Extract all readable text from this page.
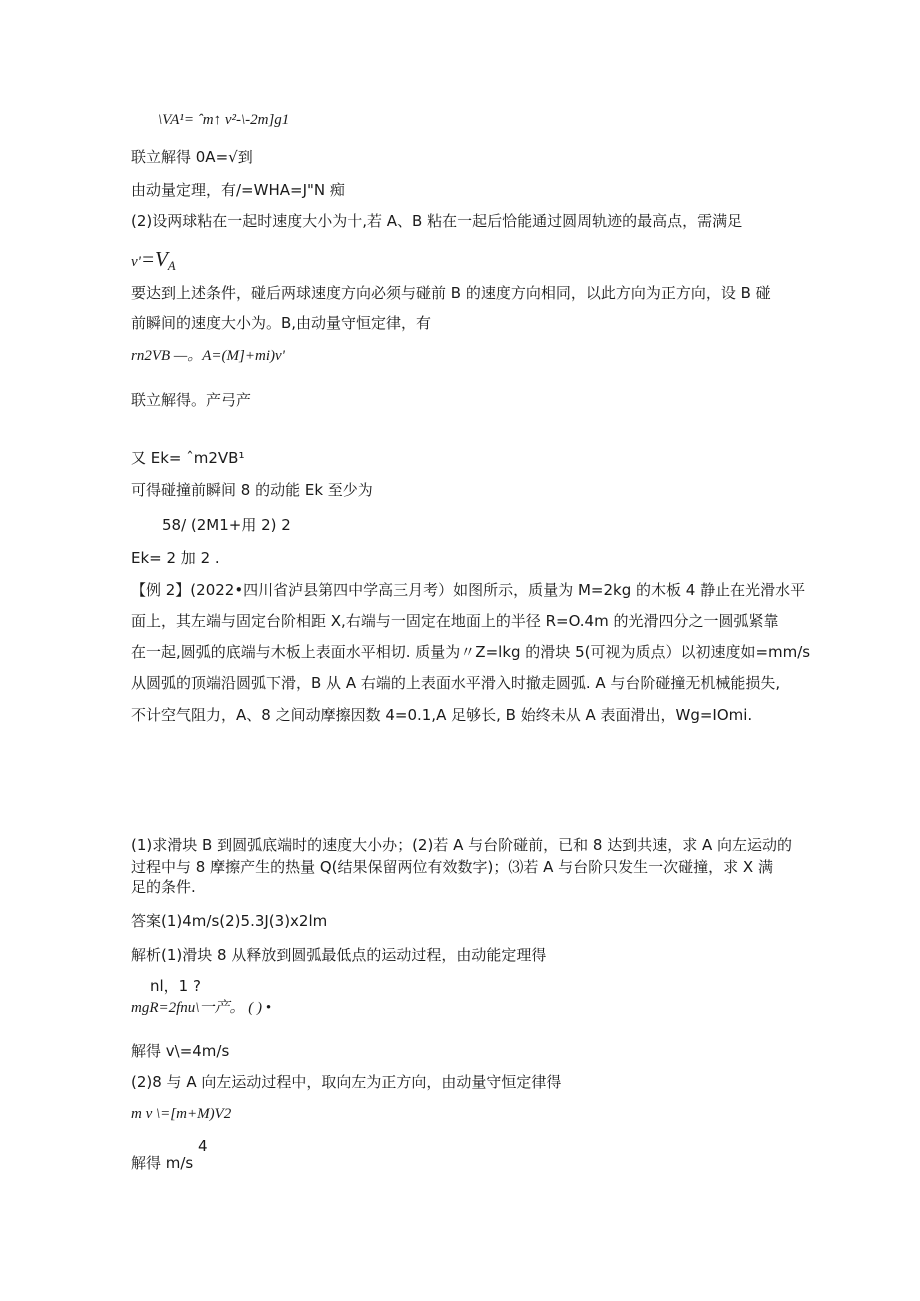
\VA¹= ˆm↑ v²-\-2m]g1
联立解得 0A=√到
由动量定理，有/=WHA=J"N 痴
(2)设两球粘在一起时速度大小为十,若 A、B 粘在一起后恰能通过圆周轨迹的最高点，需满足
$v'=V_A$
要达到上述条件，碰后两球速度方向必须与碰前 B 的速度方向相同，以此方向为正方向，设 B 碰
前瞬间的速度大小为。B,由动量守恒定律，有
rn2VB —。A=(M]+mi)v'
联立解得。产弓产
又 Ek= ˆm2VB¹
可得碰撞前瞬间 8 的动能 Ek 至少为
58/ (2M1+用 2) 2
Ek= 2 加 2 .
【例 2】(2022•四川省泸县第四中学高三月考）如图所示，质量为 M=2kg 的木板 4 静止在光滑水平
面上，其左端与固定台阶相距 X,右端与一固定在地面上的半径 R=O.4m 的光滑四分之一圆弧紧靠
在一起,圆弧的底端与木板上表面水平相切. 质量为〃Z=lkg 的滑块 5(可视为质点）以初速度如=mm/s
从圆弧的顶端沿圆弧下滑，B 从 A 右端的上表面水平滑入时撤走圆弧. A 与台阶碰撞无机械能损失,
不计空气阻力，A、8 之间动摩擦因数 4=0.1,A 足够长, B 始终未从 A 表面滑出，Wg=IOmi.
(1)求滑块 B 到圆弧底端时的速度大小办；(2)若 A 与台阶碰前，已和 8 达到共速，求 A 向左运动的
过程中与 8 摩擦产生的热量 Q(结果保留两位有效数字)；⑶若 A 与台阶只发生一次碰撞，求 X 满
足的条件.
答案(1)4m/s(2)5.3J(3)x2lm
解析(1)滑块 8 从释放到圆弧最低点的运动过程，由动能定理得
nl，1 ?
mgR=2fnu\一产。 ( ) •
解得 v\=4m/s
(2)8 与 A 向左运动过程中，取向左为正方向，由动量守恒定律得
m v \=[m+M)V2
4
解得 m/s
